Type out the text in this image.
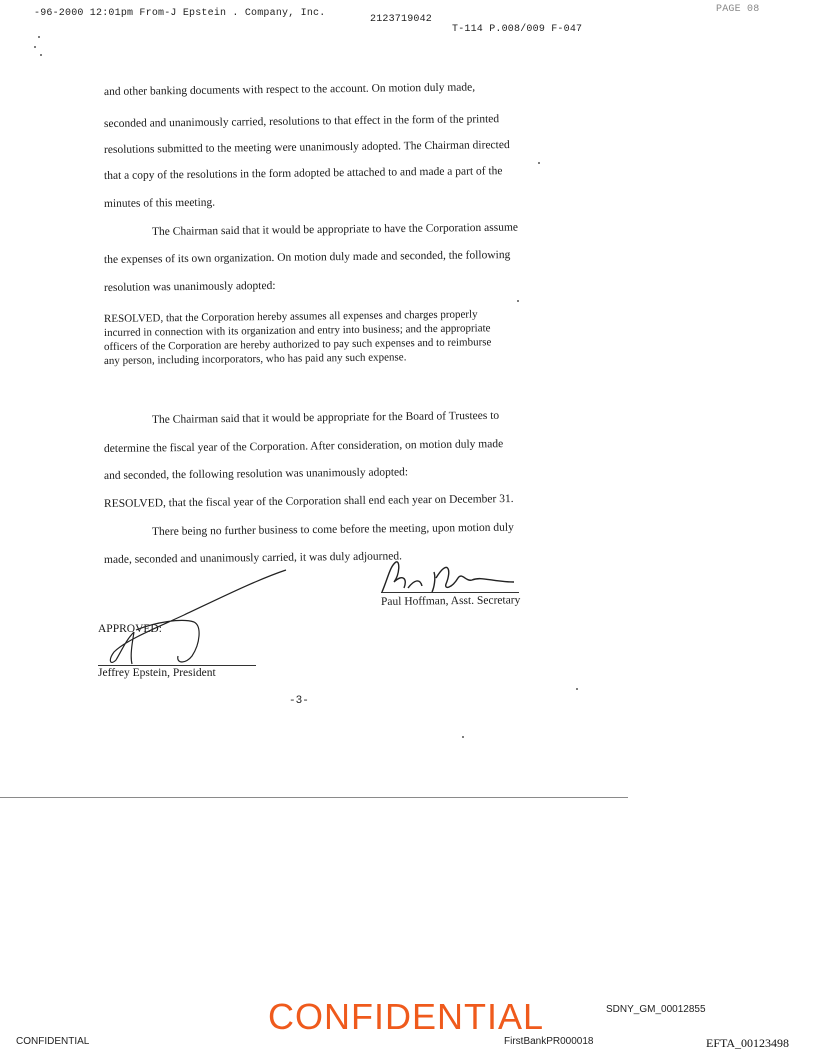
-96-2000 12:01pm From-J Epstein . Company, Inc.
2123719042
T-114 P.008/009 F-047
PAGE 08
and other banking documents with respect to the account. On motion duly made,
seconded and unanimously carried, resolutions to that effect in the form of the printed
resolutions submitted to the meeting were unanimously adopted. The Chairman directed
that a copy of the resolutions in the form adopted be attached to and made a part of the
minutes of this meeting.
The Chairman said that it would be appropriate to have the Corporation assume
the expenses of its own organization. On motion duly made and seconded, the following
resolution was unanimously adopted:
RESOLVED, that the Corporation hereby assumes all expenses and charges properly
incurred in connection with its organization and entry into business; and the appropriate
officers of the Corporation are hereby authorized to pay such expenses and to reimburse
any person, including incorporators, who has paid any such expense.
The Chairman said that it would be appropriate for the Board of Trustees to
determine the fiscal year of the Corporation. After consideration, on motion duly made
and seconded, the following resolution was unanimously adopted:
RESOLVED, that the fiscal year of the Corporation shall end each year on December 31.
There being no further business to come before the meeting, upon motion duly
made, seconded and unanimously carried, it was duly adjourned.
Paul Hoffman, Asst. Secretary
APPROVED:
Jeffrey Epstein, President
-3-
CONFIDENTIAL	SDNY_GM_00012855
CONFIDENTIAL	FirstBankPR000018	EFTA_00123498
